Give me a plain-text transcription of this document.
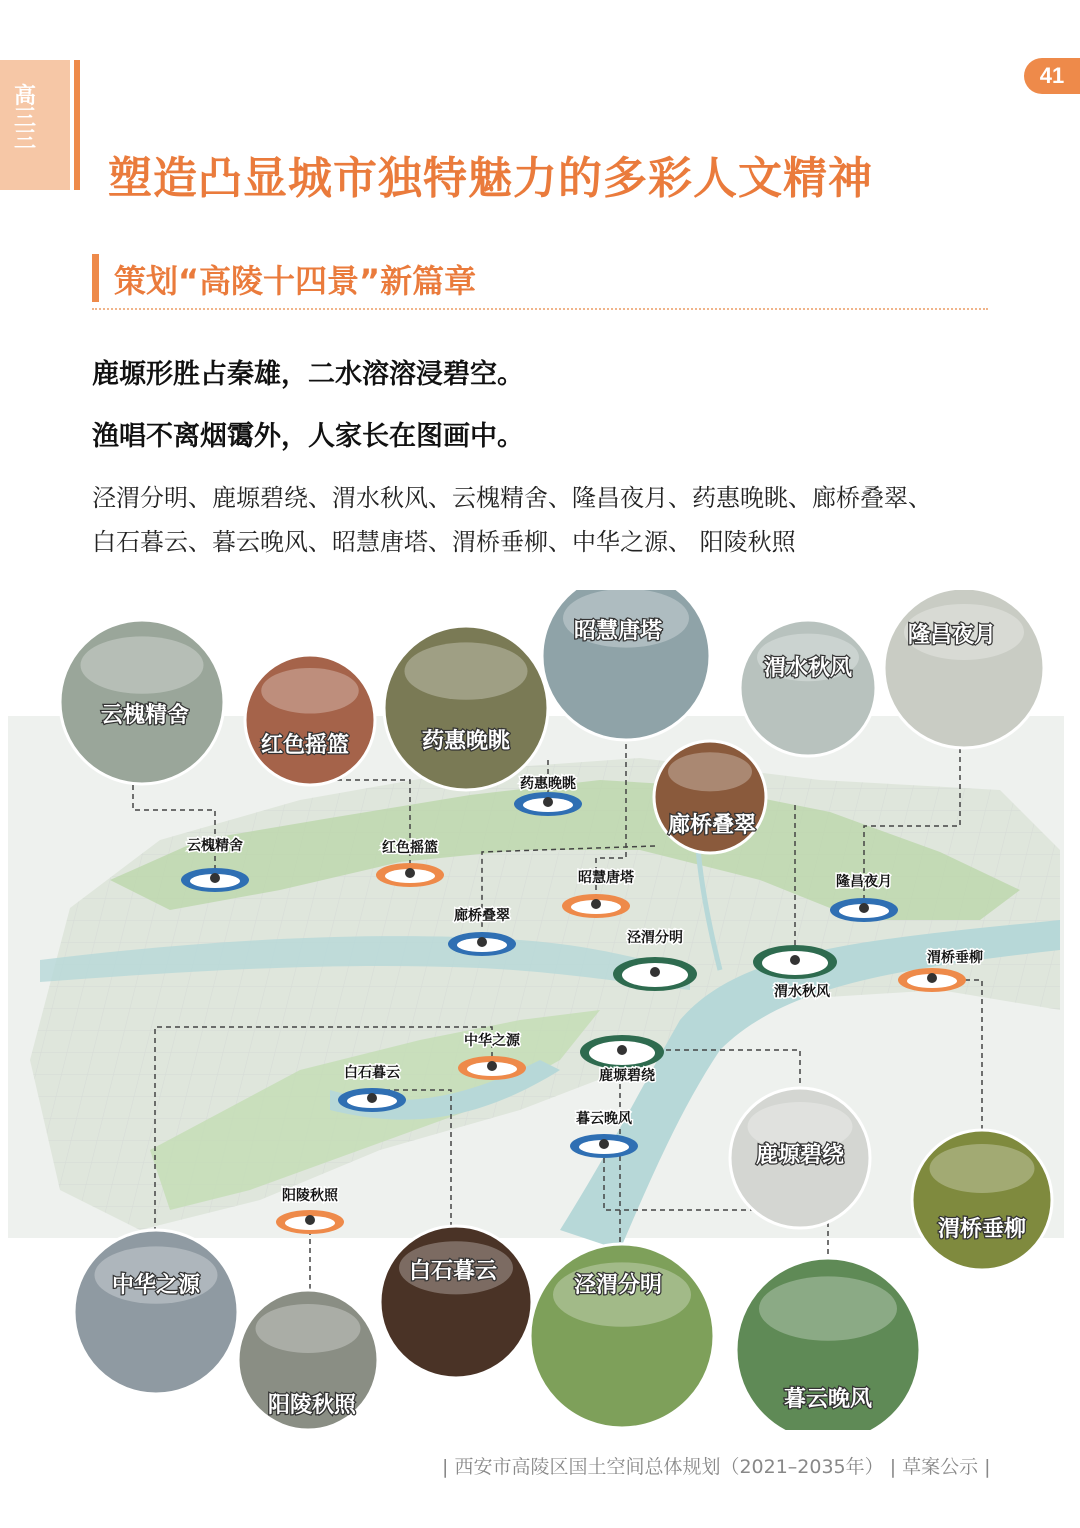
高
三
三
塑造凸显城市独特魅力的多彩人文精神
41
策划“高陵十四景”新篇章
鹿塬形胜占秦雄，二水溶溶浸碧空。
渔唱不离烟霭外，人家长在图画中。
泾渭分明、鹿塬碧绕、渭水秋风、云槐精舍、隆昌夜月、药惠晚眺、廊桥叠翠、
白石暮云、暮云晚风、昭慧唐塔、渭桥垂柳、中华之源、 阳陵秋照
云槐精舍	红色摇篮
药惠晚眺
昭慧唐塔
廊桥叠翠
隆昌夜月
泾渭分明
渭水秋风
渭桥垂柳
中华之源
鹿塬碧绕
白石暮云
暮云晚风
阳陵秋照
云槐精舍
红色摇篮	药惠晚眺
昭慧唐塔
廊桥叠翠
渭水秋风
隆昌夜月
鹿塬碧绕
渭桥垂柳
中华之源
阳陵秋照
白石暮云
泾渭分明
暮云晚风
| 西安市高陵区国土空间总体规划（2021–2035年） | 草案公示 |
